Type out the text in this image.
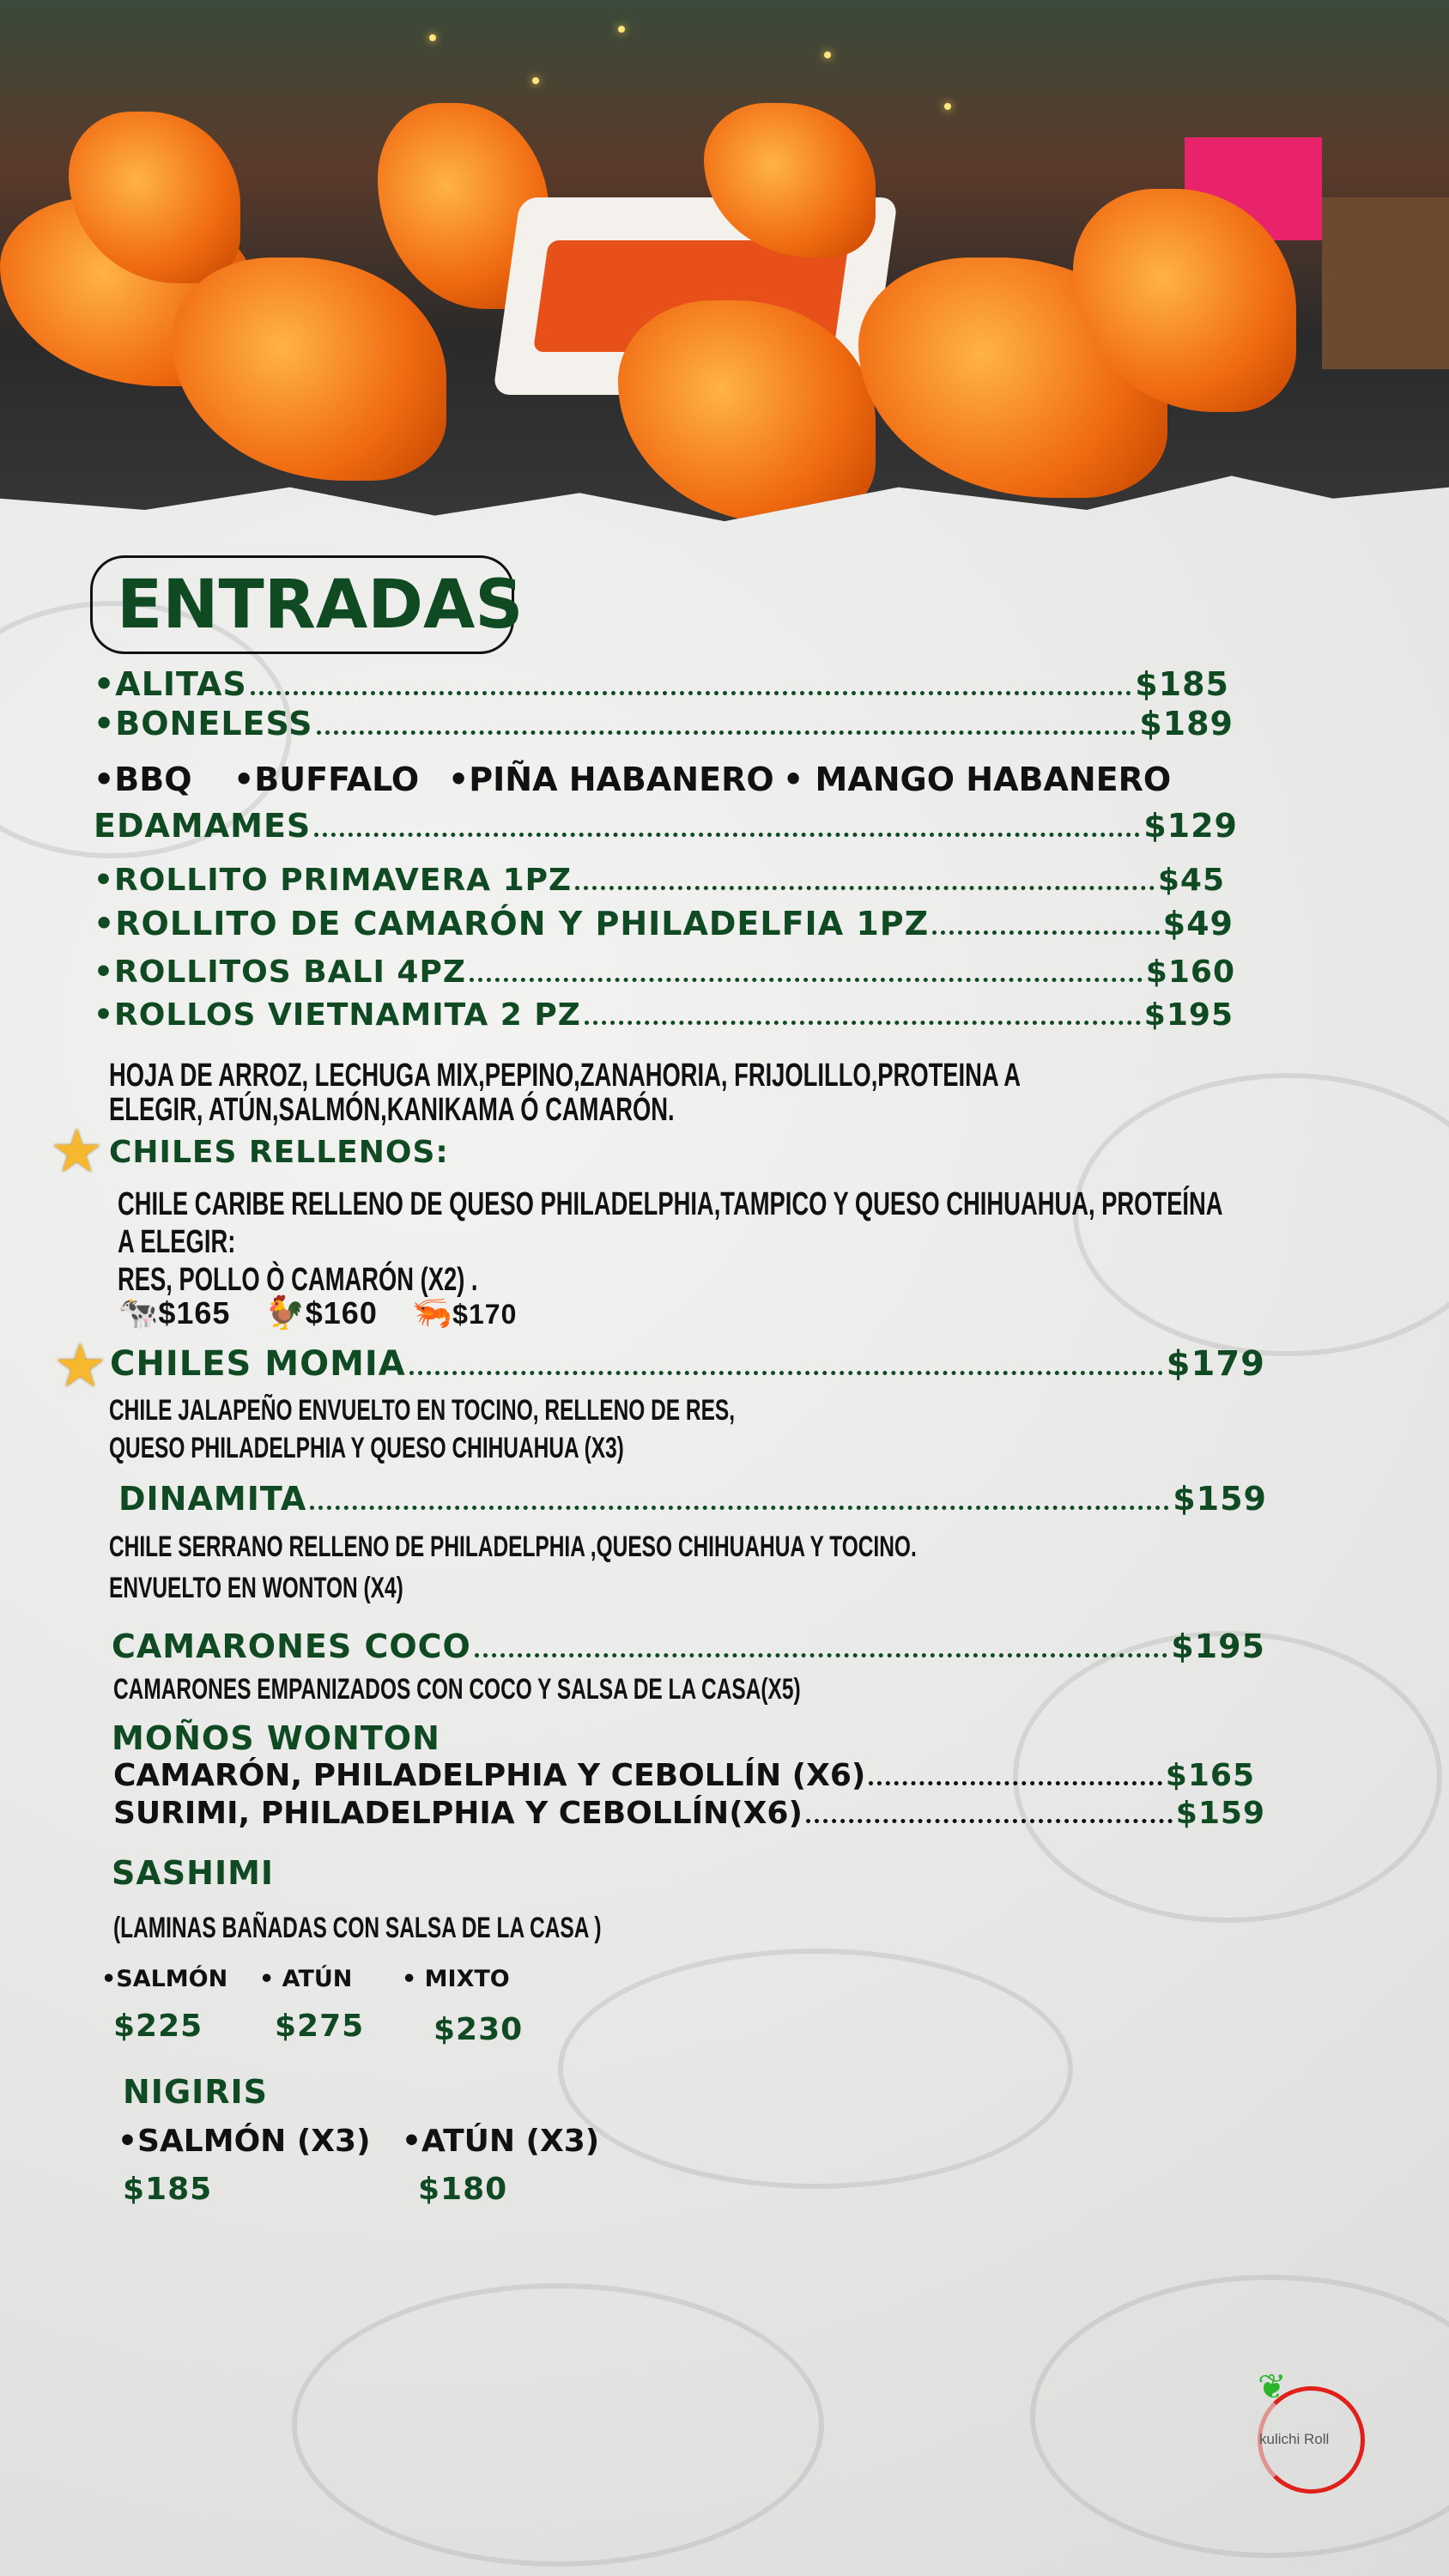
ENTRADAS
•ALITAS	$185
•BONELESS	$189
•BBQ •BUFFALO •PIÑA HABANERO • MANGO HABANERO
EDAMAMES	$129
•ROLLITO PRIMAVERA 1PZ	$45
•ROLLITO DE CAMARÓN Y PHILADELFIA 1PZ	$49
•ROLLITOS BALI 4PZ	$160
•ROLLOS VIETNAMITA 2 PZ	$195
HOJA DE ARROZ, LECHUGA MIX,PEPINO,ZANAHORIA, FRIJOLILLO,PROTEINA A
ELEGIR, ATÚN,SALMÓN,KANIKAMA Ó CAMARÓN.
★ CHILES RELLENOS:
CHILE CARIBE RELLENO DE QUESO PHILADELPHIA,TAMPICO Y QUESO CHIHUAHUA, PROTEÍNA
A ELEGIR:
RES, POLLO Ò CAMARÓN (X2) .
🐄$165 🐓$160 🦐$170
★ CHILES MOMIA	$179
CHILE JALAPEÑO ENVUELTO EN TOCINO, RELLENO DE RES,
QUESO PHILADELPHIA Y QUESO CHIHUAHUA (X3)
DINAMITA	$159
CHILE SERRANO RELLENO DE PHILADELPHIA ,QUESO CHIHUAHUA Y TOCINO.
ENVUELTO EN WONTON (X4)
CAMARONES COCO	$195
CAMARONES EMPANIZADOS CON COCO Y SALSA DE LA CASA(X5)
MOÑOS WONTON
CAMARÓN, PHILADELPHIA Y CEBOLLÍN (X6)	$165
SURIMI, PHILADELPHIA Y CEBOLLÍN(X6)	$159
SASHIMI
(LAMINAS BAÑADAS CON SALSA DE LA CASA )
•SALMÓN • ATÚN • MIXTO
$225 $275 $230
NIGIRIS
•SALMÓN (X3) •ATÚN (X3)
$185	$180
❦
kulichi Roll
